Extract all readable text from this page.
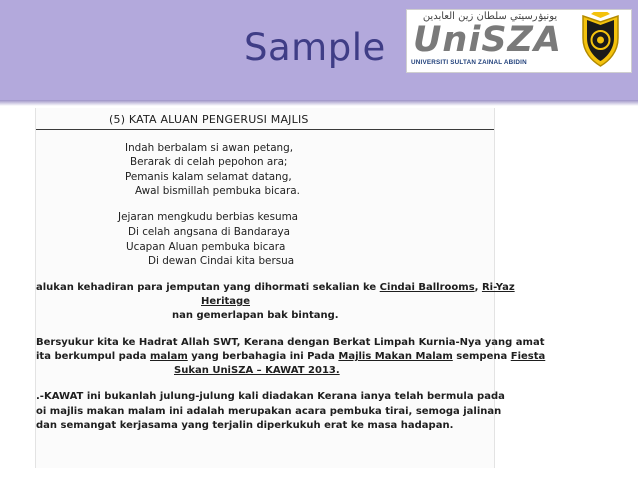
Sample
يونيۏرسيتي سلطان زين العابدين
UniSZA
UNIVERSITI SULTAN ZAINAL ABIDIN
(5) KATA ALUAN PENGERUSI MAJLIS
Indah berbalam si awan petang,
Berarak di celah pepohon ara;
Pemanis kalam selamat datang,
Awal bismillah pembuka bicara.
Jejaran mengkudu berbias kesuma
Di celah angsana di Bandaraya
Ucapan Aluan pembuka bicara
Di dewan Cindai kita bersua
alukan kehadiran para jemputan yang dihormati sekalian ke Cindai Ballrooms, Ri-Yaz
Heritage
nan gemerlapan bak bintang.
Bersyukur kita ke Hadrat Allah SWT, Kerana dengan Berkat Limpah Kurnia-Nya yang amat
ita berkumpul pada malam yang berbahagia ini Pada Majlis Makan Malam sempena Fiesta
Sukan UniSZA – KAWAT 2013.
.-KAWAT ini bukanlah julung-julung kali diadakan Kerana ianya telah bermula pada
oi majlis makan malam ini adalah merupakan acara pembuka tirai, semoga jalinan
dan semangat kerjasama yang terjalin diperkukuh erat ke masa hadapan.
